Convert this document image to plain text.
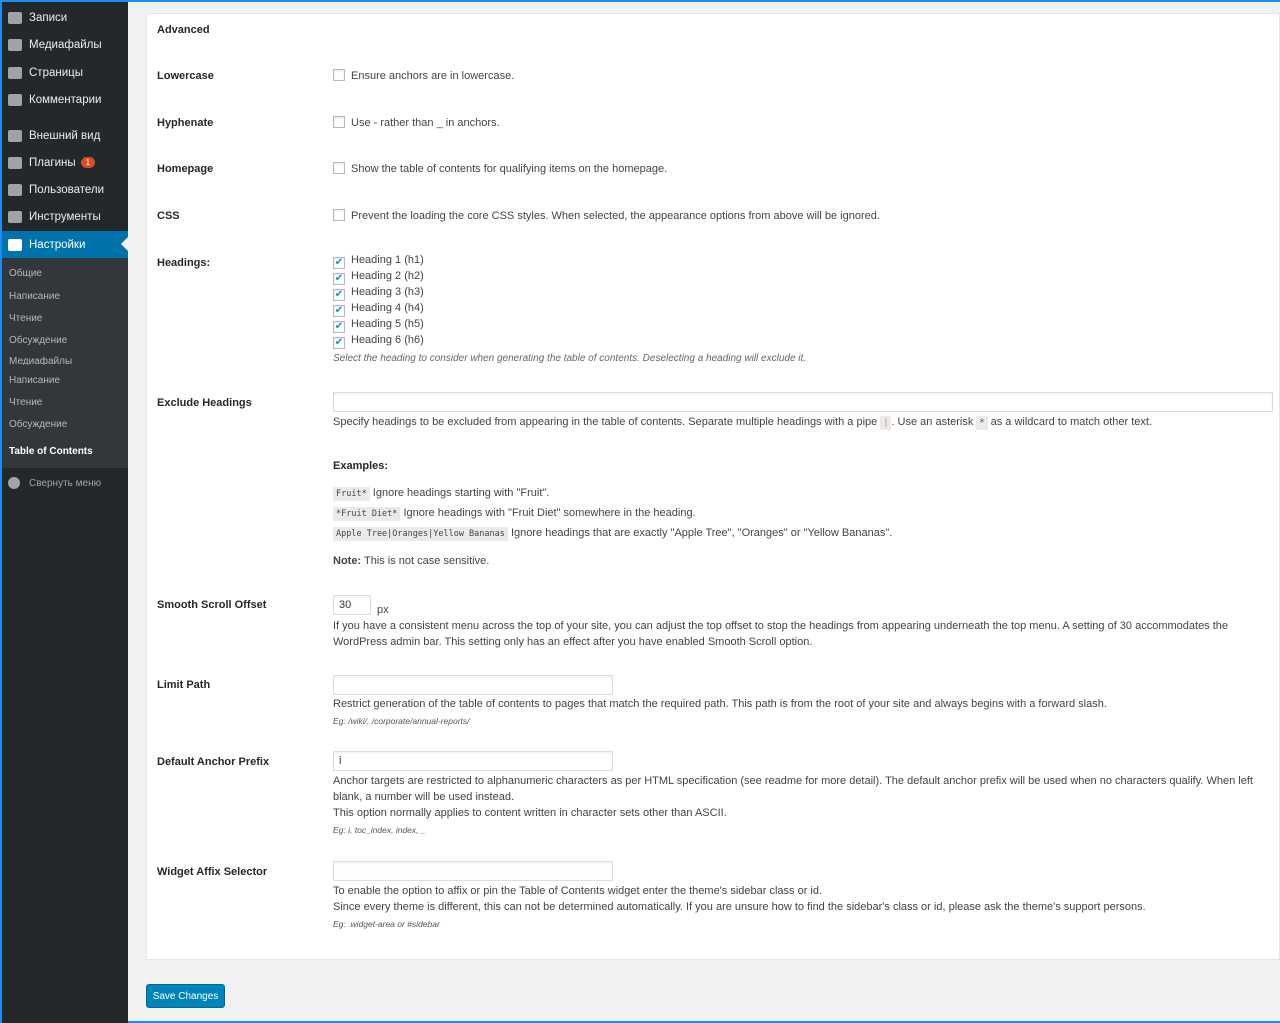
Записи
Медиафайлы
Страницы
Комментарии
Внешний вид
Плагины	1
Пользователи
Инструменты
Настройки
Общие
Написание
Чтение
Обсуждение
Медиафайлы
Написание
Чтение
Обсуждение
Table of Contents
Свернуть меню
Advanced
Lowercase	Ensure anchors are in lowercase.
Hyphenate	Use - rather than _ in anchors.
Homepage	Show the table of contents for qualifying items on the homepage.
CSS	Prevent the loading the core CSS styles. When selected, the appearance options from above will be ignored.
Headings:	✔ Heading 1 (h1)
✔ Heading 2 (h2)
✔ Heading 3 (h3)
✔ Heading 4 (h4)
✔ Heading 5 (h5)
✔ Heading 6 (h6)
Select the heading to consider when generating the table of contents. Deselecting a heading will exclude it.
Exclude Headings
Specify headings to be excluded from appearing in the table of contents. Separate multiple headings with a pipe | . Use an asterisk * as a wildcard to match other text.
Examples:
Fruit* Ignore headings starting with "Fruit".
*Fruit Diet* Ignore headings with "Fruit Diet" somewhere in the heading.
Apple Tree|Oranges|Yellow Bananas Ignore headings that are exactly "Apple Tree", "Oranges" or "Yellow Bananas".
Note: This is not case sensitive.
Smooth Scroll Offset
30	px
If you have a consistent menu across the top of your site, you can adjust the top offset to stop the headings from appearing underneath the top menu. A setting of 30 accommodates the WordPress admin bar. This setting only has an effect after you have enabled Smooth Scroll option.
Limit Path
Restrict generation of the table of contents to pages that match the required path. This path is from the root of your site and always begins with a forward slash.
Eg: /wiki/, /corporate/annual-reports/
Default Anchor Prefix
i
Anchor targets are restricted to alphanumeric characters as per HTML specification (see readme for more detail). The default anchor prefix will be used when no characters qualify. When left blank, a number will be used instead.
This option normally applies to content written in character sets other than ASCII.
Eg: i, toc_index, index, _
Widget Affix Selector
To enable the option to affix or pin the Table of Contents widget enter the theme's sidebar class or id.
Since every theme is different, this can not be determined automatically. If you are unsure how to find the sidebar's class or id, please ask the theme's support persons.
Eg: .widget-area or #sidebar
Save Changes
